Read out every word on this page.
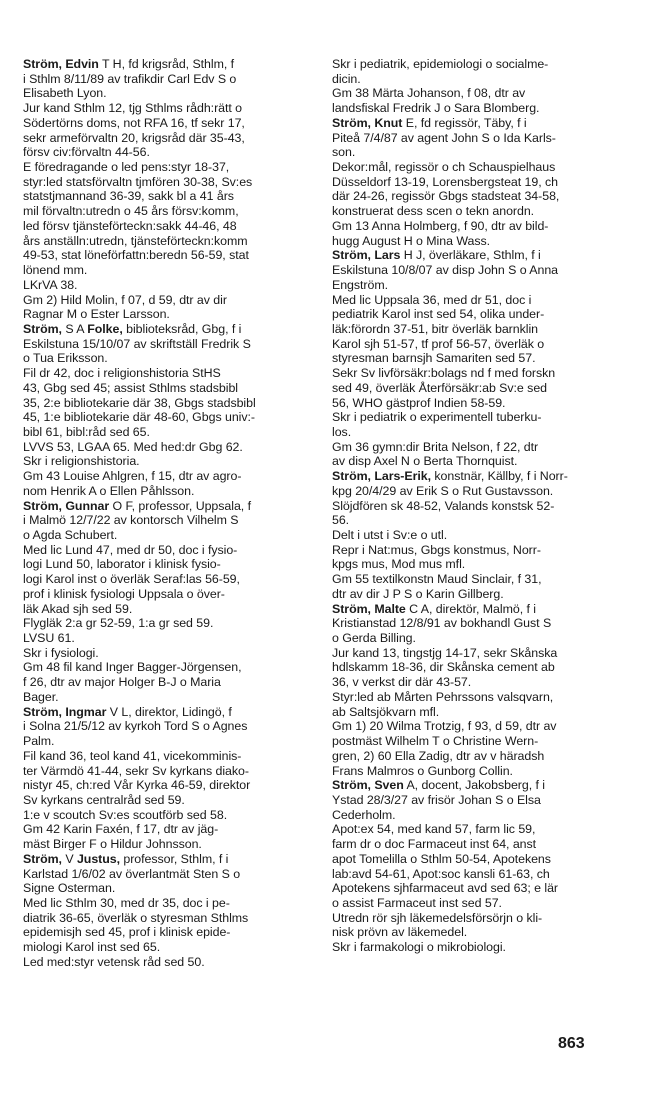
Ström, Edvin T H, fd krigsråd, Sthlm, f
i Sthlm 8/11/89 av trafikdir Carl Edv S o
Elisabeth Lyon.
Jur kand Sthlm 12, tjg Sthlms rådh:rätt o
Södertörns doms, not RFA 16, tf sekr 17,
sekr armeförvaltn 20, krigsråd där 35-43,
försv civ:förvaltn 44-56.
E föredragande o led pens:styr 18-37,
styr:led statsförvaltn tjmfören 30-38, Sv:es
statstjmannand 36-39, sakk bl a 41 års
mil förvaltn:utredn o 45 års försv:komm,
led försv tjänsteförteckn:sakk 44-46, 48
års anställn:utredn, tjänsteförteckn:komm
49-53, stat löneförfattn:beredn 56-59, stat
lönend mm.
LKrVA 38.
Gm 2) Hild Molin, f 07, d 59, dtr av dir
Ragnar M o Ester Larsson.
Ström, S A Folke, biblioteksråd, Gbg, f i
Eskilstuna 15/10/07 av skriftställ Fredrik S
o Tua Eriksson.
Fil dr 42, doc i religionshistoria StHS
43, Gbg sed 45; assist Sthlms stadsbibl
35, 2:e bibliotekarie där 38, Gbgs stadsbibl
45, 1:e bibliotekarie där 48-60, Gbgs univ:-
bibl 61, bibl:råd sed 65.
LVVS 53, LGAA 65. Med hed:dr Gbg 62.
Skr i religionshistoria.
Gm 43 Louise Ahlgren, f 15, dtr av agro-
nom Henrik A o Ellen Påhlsson.
Ström, Gunnar O F, professor, Uppsala, f
i Malmö 12/7/22 av kontorsch Vilhelm S
o Agda Schubert.
Med lic Lund 47, med dr 50, doc i fysio-
logi Lund 50, laborator i klinisk fysio-
logi Karol inst o överläk Seraf:las 56-59,
prof i klinisk fysiologi Uppsala o över-
läk Akad sjh sed 59.
Flygläk 2:a gr 52-59, 1:a gr sed 59.
LVSU 61.
Skr i fysiologi.
Gm 48 fil kand Inger Bagger-Jörgensen,
f 26, dtr av major Holger B-J o Maria
Bager.
Ström, Ingmar V L, direktor, Lidingö, f
i Solna 21/5/12 av kyrkoh Tord S o Agnes
Palm.
Fil kand 36, teol kand 41, vicekomminis-
ter Värmdö 41-44, sekr Sv kyrkans diako-
nistyr 45, ch:red Vår Kyrka 46-59, direktor
Sv kyrkans centralråd sed 59.
1:e v scoutch Sv:es scoutförb sed 58.
Gm 42 Karin Faxén, f 17, dtr av jäg-
mäst Birger F o Hildur Johnsson.
Ström, V Justus, professor, Sthlm, f i
Karlstad 1/6/02 av överlantmät Sten S o
Signe Osterman.
Med lic Sthlm 30, med dr 35, doc i pe-
diatrik 36-65, överläk o styresman Sthlms
epidemisjh sed 45, prof i klinisk epide-
miologi Karol inst sed 65.
Led med:styr vetensk råd sed 50.
Skr i pediatrik, epidemiologi o socialme-
dicin.
Gm 38 Märta Johanson, f 08, dtr av
landsfiskal Fredrik J o Sara Blomberg.
Ström, Knut E, fd regissör, Täby, f i
Piteå 7/4/87 av agent John S o Ida Karls-
son.
Dekor:mål, regissör o ch Schauspielhaus
Düsseldorf 13-19, Lorensbergsteat 19, ch
där 24-26, regissör Gbgs stadsteat 34-58,
konstruerat dess scen o tekn anordn.
Gm 13 Anna Holmberg, f 90, dtr av bild-
hugg August H o Mina Wass.
Ström, Lars H J, överläkare, Sthlm, f i
Eskilstuna 10/8/07 av disp John S o Anna
Engström.
Med lic Uppsala 36, med dr 51, doc i
pediatrik Karol inst sed 54, olika under-
läk:förordn 37-51, bitr överläk barnklin
Karol sjh 51-57, tf prof 56-57, överläk o
styresman barnsjh Samariten sed 57.
Sekr Sv livförsäkr:bolags nd f med forskn
sed 49, överläk Återförsäkr:ab Sv:e sed
56, WHO gästprof Indien 58-59.
Skr i pediatrik o experimentell tuberku-
los.
Gm 36 gymn:dir Brita Nelson, f 22, dtr
av disp Axel N o Berta Thornquist.
Ström, Lars-Erik, konstnär, Källby, f i Norr-
kpg 20/4/29 av Erik S o Rut Gustavsson.
Slöjdfören sk 48-52, Valands konstsk 52-
56.
Delt i utst i Sv:e o utl.
Repr i Nat:mus, Gbgs konstmus, Norr-
kpgs mus, Mod mus mfl.
Gm 55 textilkonstn Maud Sinclair, f 31,
dtr av dir J P S o Karin Gillberg.
Ström, Malte C A, direktör, Malmö, f i
Kristianstad 12/8/91 av bokhandl Gust S
o Gerda Billing.
Jur kand 13, tingstjg 14-17, sekr Skånska
hdlskamm 18-36, dir Skånska cement ab
36, v verkst dir där 43-57.
Styr:led ab Mårten Pehrssons valsqvarn,
ab Saltsjökvarn mfl.
Gm 1) 20 Wilma Trotzig, f 93, d 59, dtr av
postmäst Wilhelm T o Christine Wern-
gren, 2) 60 Ella Zadig, dtr av v häradsh
Frans Malmros o Gunborg Collin.
Ström, Sven A, docent, Jakobsberg, f i
Ystad 28/3/27 av frisör Johan S o Elsa
Cederholm.
Apot:ex 54, med kand 57, farm lic 59,
farm dr o doc Farmaceut inst 64, anst
apot Tomelilla o Sthlm 50-54, Apotekens
lab:avd 54-61, Apot:soc kansli 61-63, ch
Apotekens sjhfarmaceut avd sed 63; e lär
o assist Farmaceut inst sed 57.
Utredn rör sjh läkemedelsförsörjn o kli-
nisk prövn av läkemedel.
Skr i farmakologi o mikrobiologi.
863
